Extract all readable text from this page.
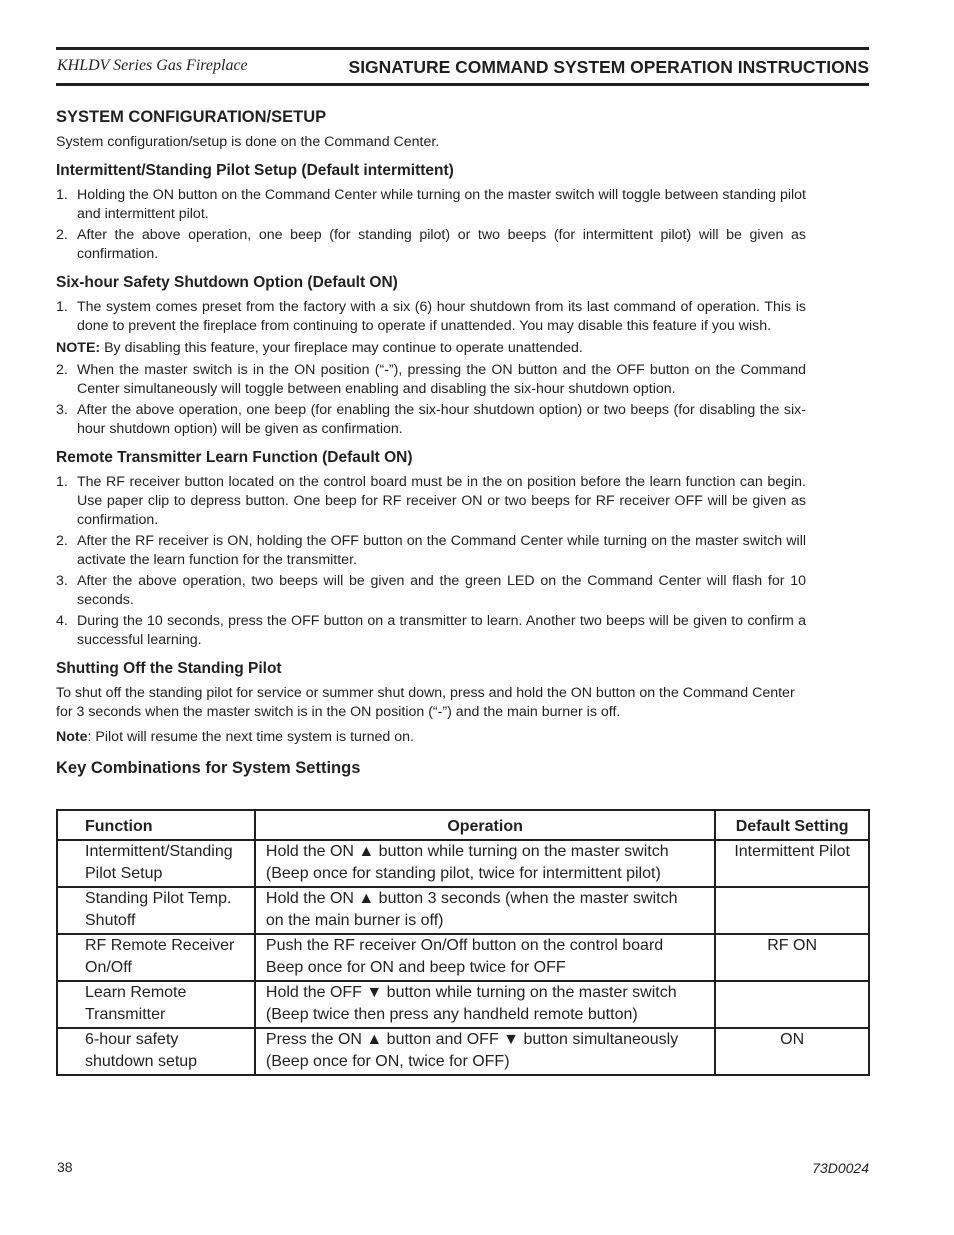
KHLDV Series Gas Fireplace	SIGNATURE COMMAND SYSTEM OPERATION INSTRUCTIONS
SYSTEM CONFIGURATION/SETUP

System configuration/setup is done on the Command Center.

Intermittent/Standing Pilot Setup (Default intermittent)
1. Holding the ON button on the Command Center while turning on the master switch will toggle between standing pilot and intermittent pilot.
2. After the above operation, one beep (for standing pilot) or two beeps (for intermittent pilot) will be given as confirmation.
Six-hour Safety Shutdown Option (Default ON)
1. The system comes preset from the factory with a six (6) hour shutdown from its last command of operation. This is done to prevent the fireplace from continuing to operate if unattended. You may disable this feature if you wish.
NOTE: By disabling this feature, your fireplace may continue to operate unattended.
2. When the master switch is in the ON position (“-”), pressing the ON button and the OFF button on the Command Center simultaneously will toggle between enabling and disabling the six-hour shutdown option.
3. After the above operation, one beep (for enabling the six-hour shutdown option) or two beeps (for disabling the six-hour shutdown option) will be given as confirmation.
Remote Transmitter Learn Function (Default ON)
1. The RF receiver button located on the control board must be in the on position before the learn function can begin. Use paper clip to depress button. One beep for RF receiver ON or two beeps for RF receiver OFF will be given as confirmation.
2. After the RF receiver is ON, holding the OFF button on the Command Center while turning on the master switch will activate the learn function for the transmitter.
3. After the above operation, two beeps will be given and the green LED on the Command Center will flash for 10 seconds.
4. During the 10 seconds, press the OFF button on a transmitter to learn. Another two beeps will be given to confirm a successful learning.
Shutting Off the Standing Pilot

To shut off the standing pilot for service or summer shut down, press and hold the ON button on the Command Center for 3 seconds when the master switch is in the ON position (“-”) and the main burner is off.

Note: Pilot will resume the next time system is turned on.
Key Combinations for System Settings
Function	Operation	Default Setting
Intermittent/Standing Pilot Setup	Hold the ON ▲ button while turning on the master switch
(Beep once for standing pilot, twice for intermittent pilot)	Intermittent Pilot
Standing Pilot Temp. Shutoff	Hold the ON ▲ button 3 seconds (when the master switch
on the main burner is off)	

RF Remote Receiver On/Off	Push the RF receiver On/Off button on the control board
Beep once for ON and beep twice for OFF	RF ON
Learn Remote Transmitter	Hold the OFF ▼ button while turning on the master switch
(Beep twice then press any handheld remote button)	

6-hour safety shutdown setup	Press the ON ▲ button and OFF ▼ button simultaneously
(Beep once for ON, twice for OFF)	ON
38	73D0024
